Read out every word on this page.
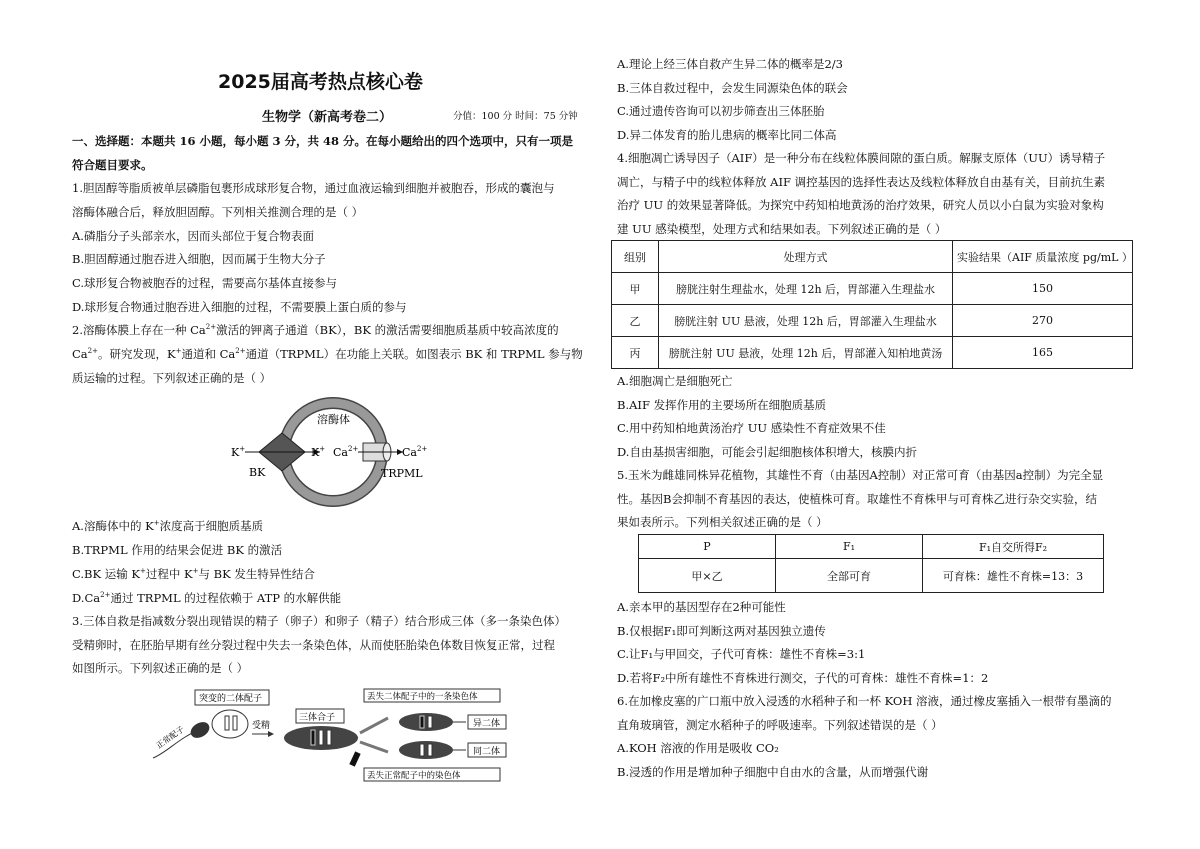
2025届高考热点核心卷
生物学（新高考卷二）	分值：100 分 时间：75 分钟
一、选择题：本题共 16 小题，每小题 3 分，共 48 分。在每小题给出的四个选项中，只有一项是
符合题目要求。
1.胆固醇等脂质被单层磷脂包裹形成球形复合物，通过血液运输到细胞并被胞吞，形成的囊泡与
溶酶体融合后，释放胆固醇。下列相关推测合理的是（ ）
A.磷脂分子头部亲水，因而头部位于复合物表面
B.胆固醇通过胞吞进入细胞，因而属于生物大分子
C.球形复合物被胞吞的过程，需要高尔基体直接参与
D.球形复合物通过胞吞进入细胞的过程，不需要膜上蛋白质的参与
2.溶酶体膜上存在一种 $Ca^{2+}$激活的钾离子通道（BK），BK 的激活需要细胞质基质中较高浓度的
$Ca^{2+}$。研究发现，K+通道和 $Ca^{2+}$通道（TRPML）在功能上关联。如图表示 BK 和 TRPML 参与物
质运输的过程。下列叙述正确的是（ ）
溶酶体
K+	K+
BK
$Ca^{2+}$	$Ca^{2+}$
TRPML
A.溶酶体中的 K+浓度高于细胞质基质
B.TRPML 作用的结果会促进 BK 的激活
C.BK 运输 K+过程中 K+与 BK 发生特异性结合
$D.Ca^{2+}$通过 TRPML 的过程依赖于 ATP 的水解供能
3.三体自救是指减数分裂出现错误的精子（卵子）和卵子（精子）结合形成三体（多一条染色体）
受精卵时，在胚胎早期有丝分裂过程中失去一条染色体，从而使胚胎染色体数目恢复正常，过程
如图所示。下列叙述正确的是（ ）
突变的二体配子
正常配子	受精
三体合子
丢失二体配子中的一条染色体
丢失正常配子中的染色体
异二体
同二体
A.理论上经三体自救产生异二体的概率是2/3
B.三体自救过程中，会发生同源染色体的联会
C.通过遗传咨询可以初步筛查出三体胚胎
D.异二体发育的胎儿患病的概率比同二体高
4.细胞凋亡诱导因子（AIF）是一种分布在线粒体膜间隙的蛋白质。解脲支原体（UU）诱导精子
凋亡，与精子中的线粒体释放 AIF 调控基因的选择性表达及线粒体释放自由基有关，目前抗生素
治疗 UU 的效果显著降低。为探究中药知柏地黄汤的治疗效果，研究人员以小白鼠为实验对象构
建 UU 感染模型，处理方式和结果如表。下列叙述正确的是（ ）
组别	处理方式	实验结果（AIF 质量浓度 pg/mL ）
甲	膀胱注射生理盐水，处理 12h 后，胃部灌入生理盐水	150
乙	膀胱注射 UU 悬液，处理 12h 后，胃部灌入生理盐水	270
丙	膀胱注射 UU 悬液，处理 12h 后，胃部灌入知柏地黄汤	165
A.细胞凋亡是细胞死亡
B.AIF 发挥作用的主要场所在细胞质基质
C.用中药知柏地黄汤治疗 UU 感染性不育症效果不佳
D.自由基损害细胞，可能会引起细胞核体积增大，核膜内折
5.玉米为雌雄同株异花植物，其雄性不育（由基因A控制）对正常可育（由基因a控制）为完全显
性。基因B会抑制不育基因的表达，使植株可育。取雄性不育株甲与可育株乙进行杂交实验，结
果如表所示。下列相关叙述正确的是（ ）
P	F₁	F₁自交所得F₂
甲×乙	全部可育	可育株：雄性不育株=13：3
A.亲本甲的基因型存在2种可能性
B.仅根据F₁即可判断这两对基因独立遗传
C.让F₁与甲回交，子代可育株：雄性不育株=3:1
D.若将F₂中所有雄性不育株进行测交，子代的可育株：雄性不育株=1：2
6.在加橡皮塞的广口瓶中放入浸透的水稻种子和一杯 KOH 溶液，通过橡皮塞插入一根带有墨滴的
直角玻璃管，测定水稻种子的呼吸速率。下列叙述错误的是（ ）
A.KOH 溶液的作用是吸收 CO₂
B.浸透的作用是增加种子细胞中自由水的含量，从而增强代谢
